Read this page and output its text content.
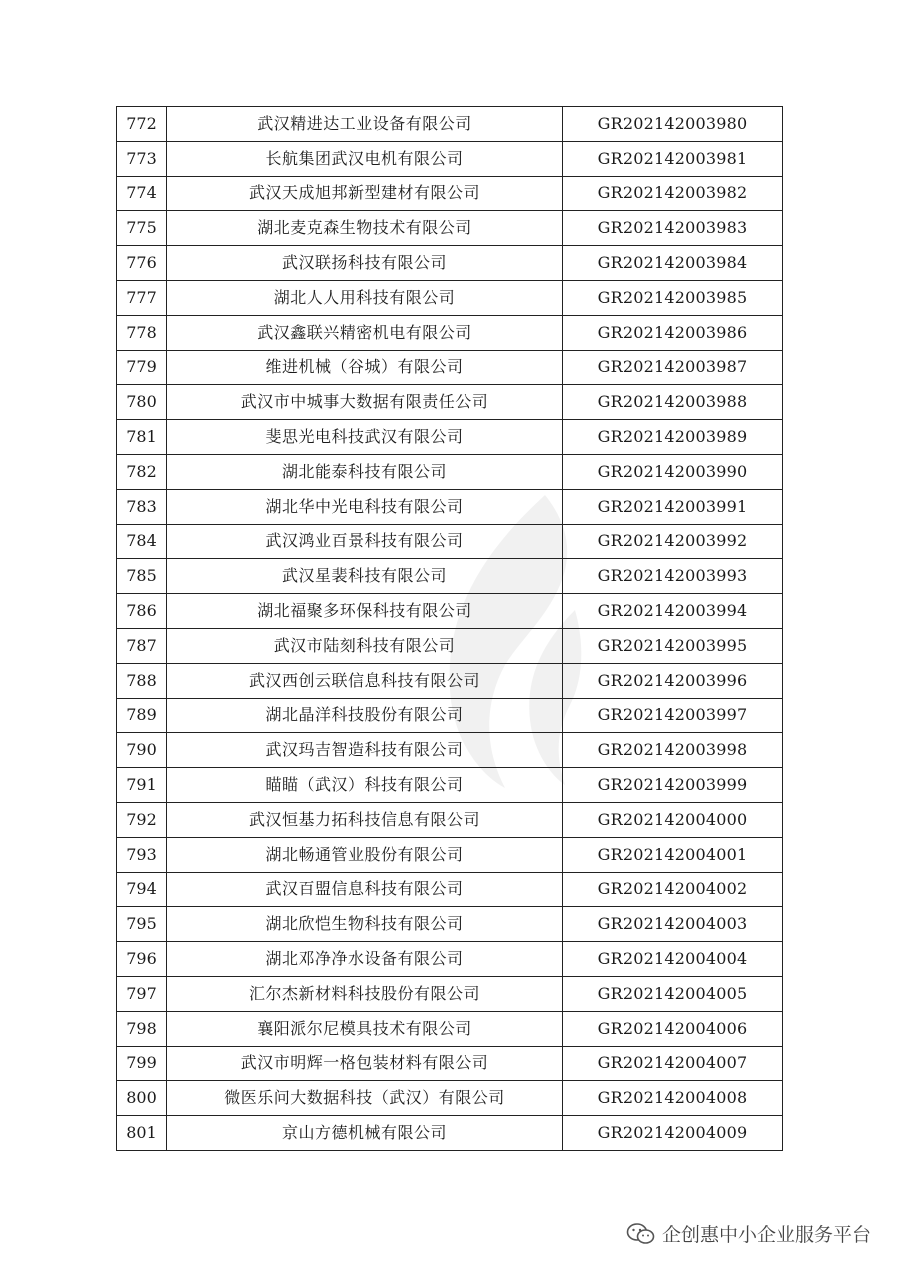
772	武汉精进达工业设备有限公司	GR202142003980
773	长航集团武汉电机有限公司	GR202142003981
774	武汉天成旭邦新型建材有限公司	GR202142003982
775	湖北麦克森生物技术有限公司	GR202142003983
776	武汉联扬科技有限公司	GR202142003984
777	湖北人人用科技有限公司	GR202142003985
778	武汉鑫联兴精密机电有限公司	GR202142003986
779	维进机械（谷城）有限公司	GR202142003987
780	武汉市中城事大数据有限责任公司	GR202142003988
781	斐思光电科技武汉有限公司	GR202142003989
782	湖北能泰科技有限公司	GR202142003990
783	湖北华中光电科技有限公司	GR202142003991
784	武汉鸿业百景科技有限公司	GR202142003992
785	武汉星裴科技有限公司	GR202142003993
786	湖北福聚多环保科技有限公司	GR202142003994
787	武汉市陆刻科技有限公司	GR202142003995
788	武汉西创云联信息科技有限公司	GR202142003996
789	湖北晶洋科技股份有限公司	GR202142003997
790	武汉玛吉智造科技有限公司	GR202142003998
791	瞄瞄（武汉）科技有限公司	GR202142003999
792	武汉恒基力拓科技信息有限公司	GR202142004000
793	湖北畅通管业股份有限公司	GR202142004001
794	武汉百盟信息科技有限公司	GR202142004002
795	湖北欣恺生物科技有限公司	GR202142004003
796	湖北邓净净水设备有限公司	GR202142004004
797	汇尔杰新材料科技股份有限公司	GR202142004005
798	襄阳派尔尼模具技术有限公司	GR202142004006
799	武汉市明辉一格包装材料有限公司	GR202142004007
800	微医乐问大数据科技（武汉）有限公司	GR202142004008
801	京山方德机械有限公司	GR202142004009
企创惠中小企业服务平台
